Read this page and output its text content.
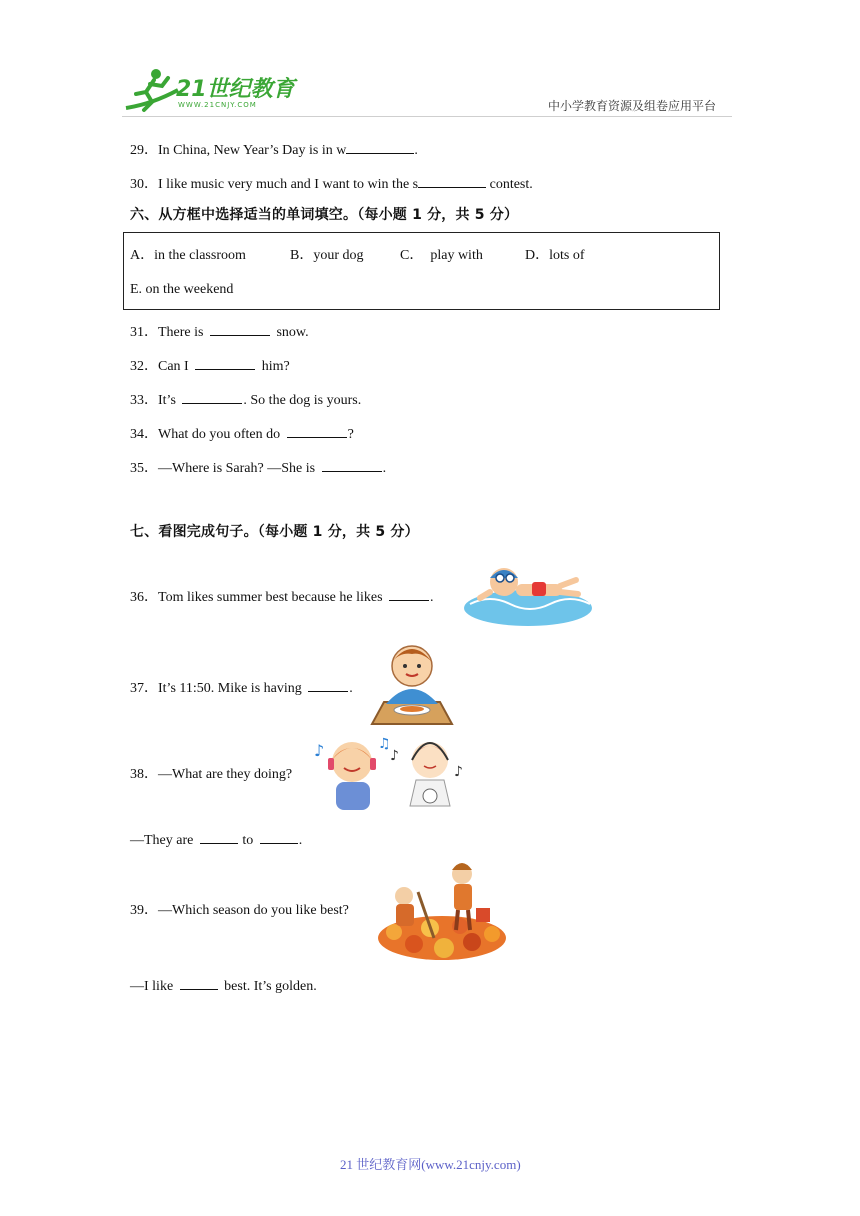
21世纪教育
WWW.21CNJY.COM	中小学教育资源及组卷应用平台
29．In China, New Year’s Day is in w	.
30．I like music very much and I want to win the s	contest.
六、从方框中选择适当的单词填空。（每小题 1 分，共 5 分）
A．in the classroom	B．your dog	C．  play with	D．lots of
E. on the weekend
31．There is	snow.
32．Can I	him?
33．It’s	. So the dog is yours.
34．What do you often do	?
35．—Where is Sarah? —She is	.
七、看图完成句子。（每小题 1 分，共 5 分）
36．Tom likes summer best because he likes	.
37．It’s 11:50. Mike is having	.
38．—What are they doing?
♪	♫
♪
♪
—They are	to	.
39．—Which season do you like best?
—I like	best. It’s golden.
21 世纪教育网(www.21cnjy.com)
